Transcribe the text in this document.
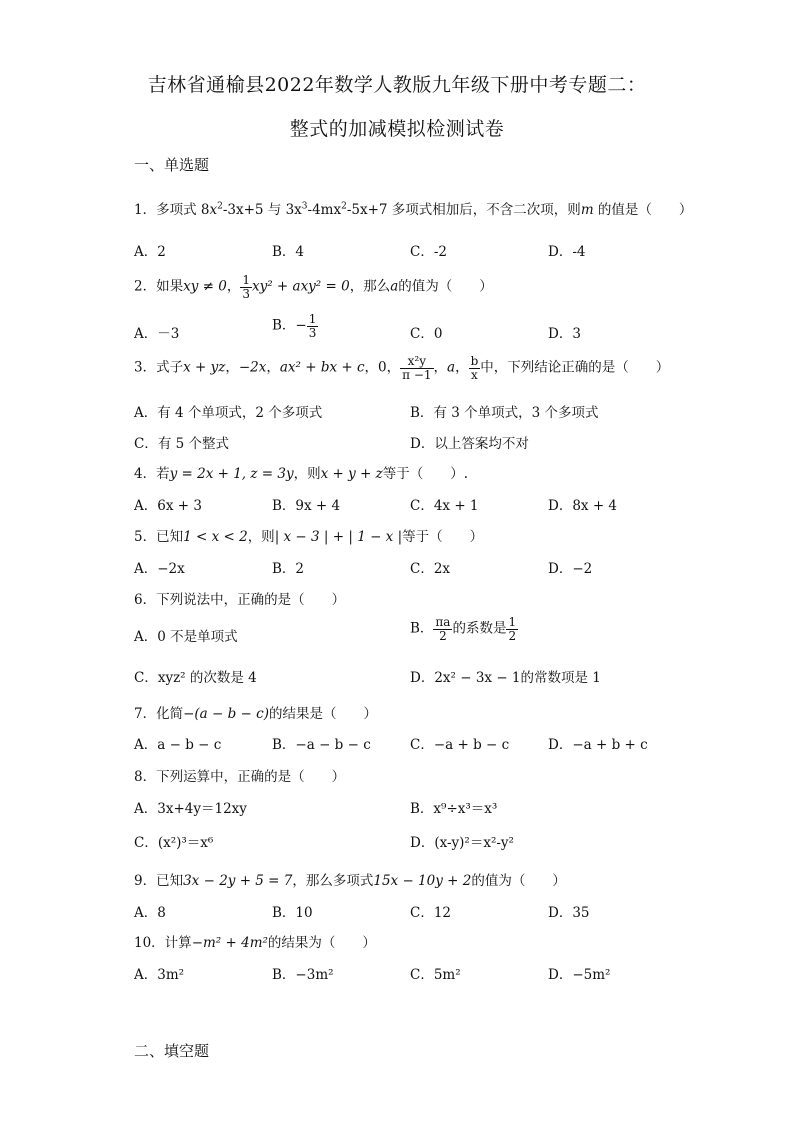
吉林省通榆县2022年数学人教版九年级下册中考专题二：
整式的加减模拟检测试卷
一、单选题
1．多项式 $8x^2-3x+5$ 与 $3x^3-4mx^2-5x+7$ 多项式相加后，不含二次项，则m 的值是（　　）
A．2	B．4	C．-2	D．-4
2．如果xy ≠ 0， $\frac{1}{3} xy^2 + axy^2 = 0$，那么a的值为（　　）
A．－3
B．− $\frac{1}{3}$	C．0	D．3
3．式子x + yz，−2x，ax² + bx + c，0， $\frac{\text{x²y}}{\pi -1}$ ，a， $\frac{b}{x}$ 中，下列结论正确的是（　　）
A．有 4 个单项式，2 个多项式	B．有 3 个单项式，3 个多项式
C．有 5 个整式	D．以上答案均不对
4．若y = 2x + 1, z = 3y，则x + y + z等于（　　）.
A．6x + 3	B．9x + 4	C．4x + 1	D．8x + 4
5．已知1 < x < 2，则| x − 3 | + | 1 − x |等于（　　）
A．−2x	B．2	C．2x	D．−2
6．下列说法中，正确的是（　　）
A．0 不是单项式
B． $\frac{\pi a}{2}$ 的系数是 $\frac{1}{2}$
C．xyz² 的次数是 4	D．2x² − 3x − 1的常数项是 1
7．化简−(a − b − c)的结果是（　　）
A．a − b − c	B．−a − b − c	C．−a + b − c	D．−a + b + c
8．下列运算中，正确的是（　　）
A．3x+4y＝12xy	B．x⁹÷x³＝x³
C．(x²)³＝x⁶	D．(x-y)²＝x²-y²
9．已知3x − 2y + 5 = 7，那么多项式15x − 10y + 2的值为（　　）
A．8	B．10	C．12	D．35
10．计算−m² + 4m²的结果为（　　）
A．3m²	B．−3m²	C．5m²	D．−5m²
二、填空题
